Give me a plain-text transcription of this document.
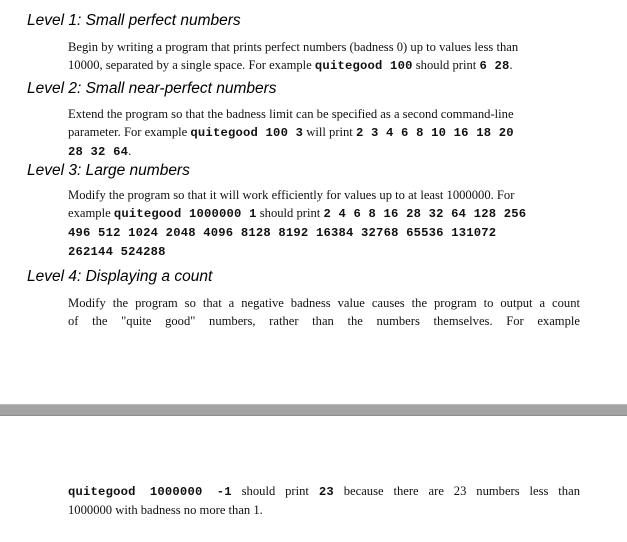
Level 1: Small perfect numbers
Begin by writing a program that prints perfect numbers (badness 0) up to values less than
10000, separated by a single space. For example quitegood 100 should print 6 28.
Level 2: Small near-perfect numbers
Extend the program so that the badness limit can be specified as a second command-line
parameter. For example quitegood 100 3 will print 2 3 4 6 8 10 16 18 20
28 32 64.
Level 3: Large numbers
Modify the program so that it will work efficiently for values up to at least 1000000. For
example quitegood 1000000 1 should print 2 4 6 8 16 28 32 64 128 256
496 512 1024 2048 4096 8128 8192 16384 32768 65536 131072
262144 524288
Level 4: Displaying a count
Modify the program so that a negative badness value causes the program to output a count
of the "quite good" numbers, rather than the numbers themselves. For example
quitegood 1000000 -1 should print 23 because there are 23 numbers less than
1000000 with badness no more than 1.
